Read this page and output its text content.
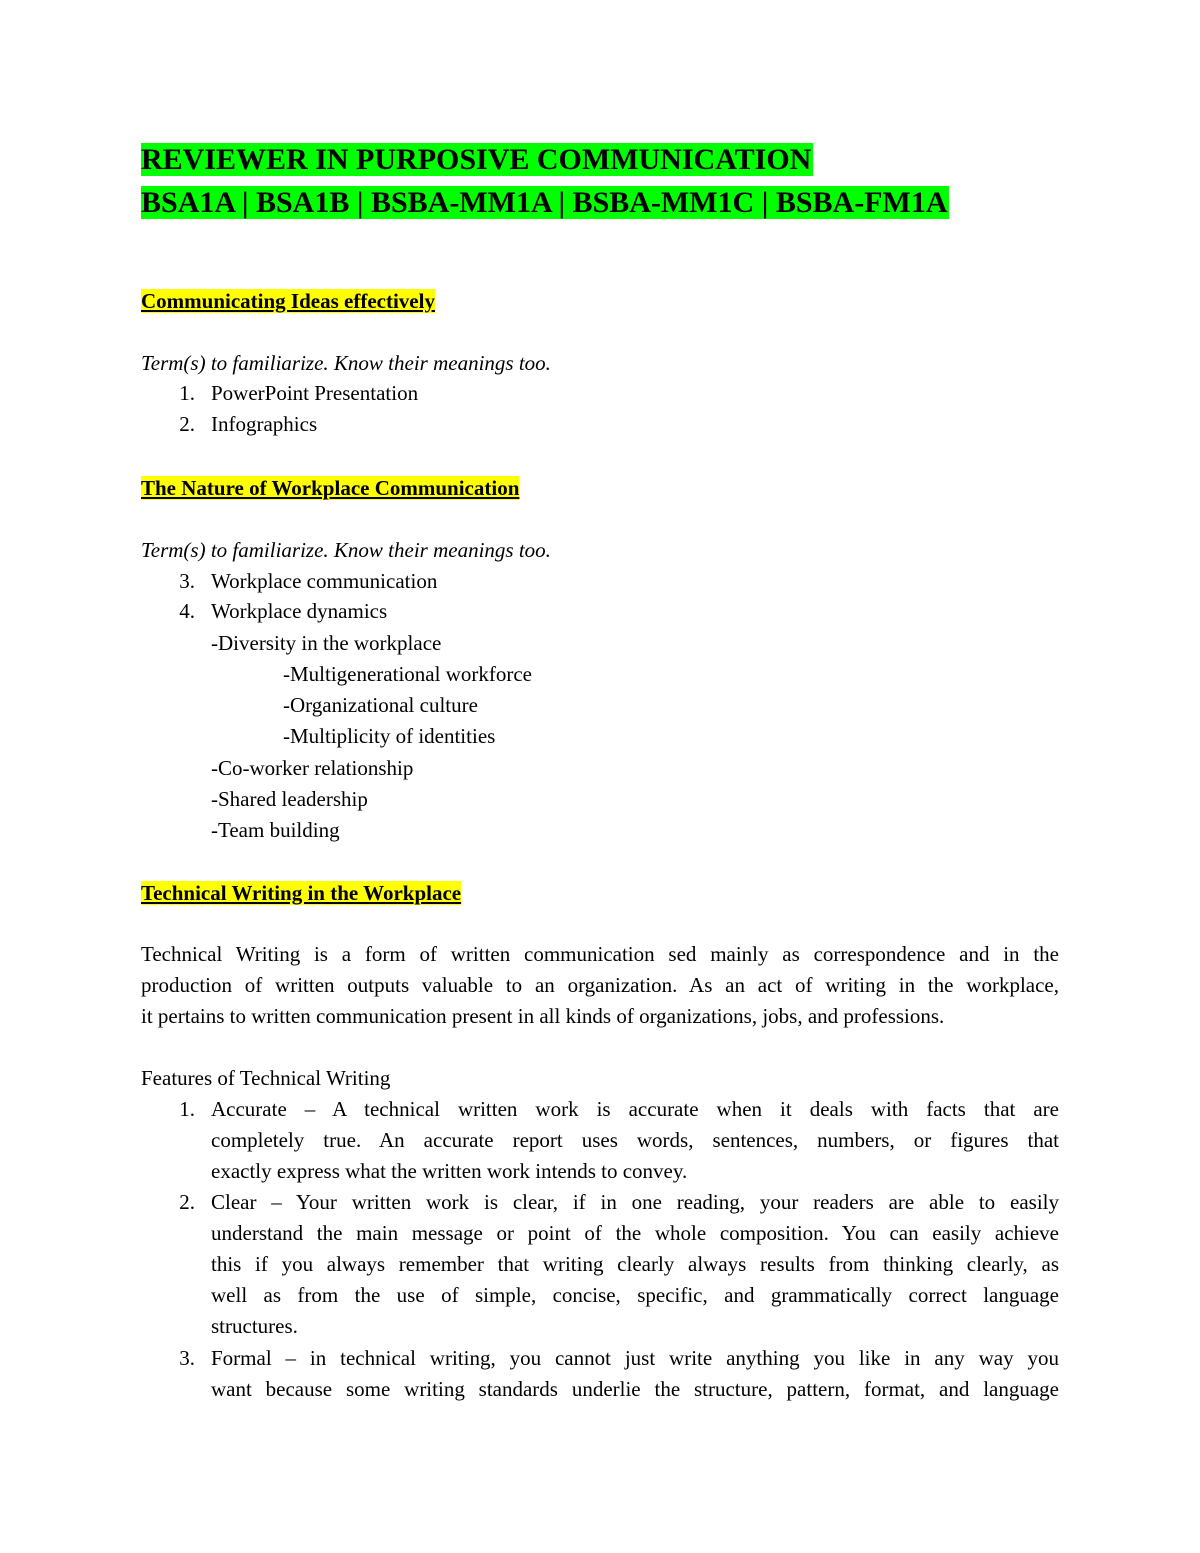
REVIEWER IN PURPOSIVE COMMUNICATION
BSA1A | BSA1B | BSBA-MM1A | BSBA-MM1C | BSBA-FM1A
Communicating Ideas effectively
Term(s) to familiarize. Know their meanings too.
1. PowerPoint Presentation
2. Infographics
The Nature of Workplace Communication
Term(s) to familiarize. Know their meanings too.
3. Workplace communication
4. Workplace dynamics
-Diversity in the workplace
-Multigenerational workforce
-Organizational culture
-Multiplicity of identities
-Co-worker relationship
-Shared leadership
-Team building
Technical Writing in the Workplace
Technical Writing is a form of written communication sed mainly as correspondence and in the
production of written outputs valuable to an organization. As an act of writing in the workplace,
it pertains to written communication present in all kinds of organizations, jobs, and professions.
Features of Technical Writing
1. Accurate – A technical written work is accurate when it deals with facts that are
completely true. An accurate report uses words, sentences, numbers, or figures that
exactly express what the written work intends to convey.
2. Clear – Your written work is clear, if in one reading, your readers are able to easily
understand the main message or point of the whole composition. You can easily achieve
this if you always remember that writing clearly always results from thinking clearly, as
well as from the use of simple, concise, specific, and grammatically correct language
structures.
3. Formal – in technical writing, you cannot just write anything you like in any way you
want because some writing standards underlie the structure, pattern, format, and language
